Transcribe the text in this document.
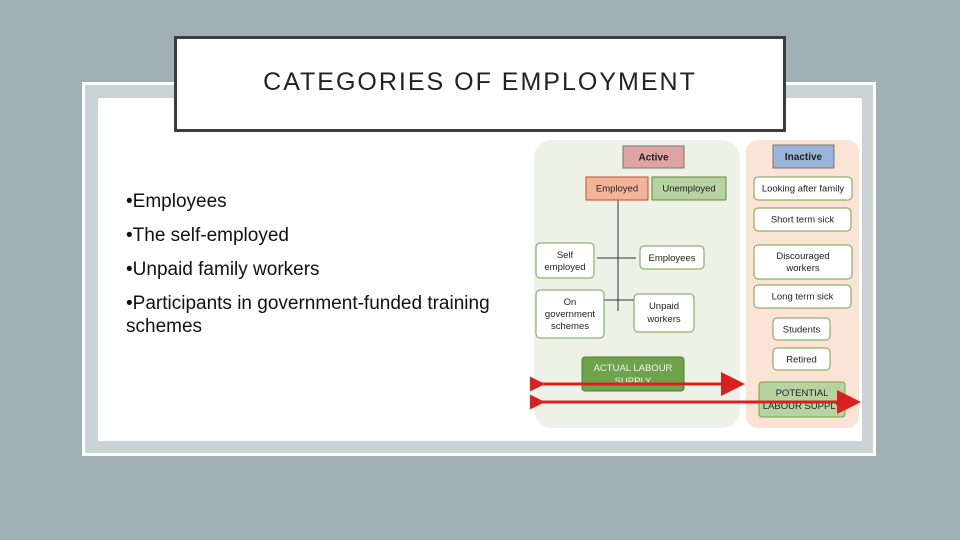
CATEGORIES OF EMPLOYMENT
•Employees
•The self-employed
•Unpaid family workers
•Participants in government-funded training schemes
Active
Employed	Unemployed
Self
employed
Employees
On
government
schemes
Unpaid
workers
ACTUAL LABOUR
SUPPLY
Inactive
Looking after family
Short term sick
Discouraged
workers
Long term sick
Students
Retired
POTENTIAL
LABOUR SUPPLY
